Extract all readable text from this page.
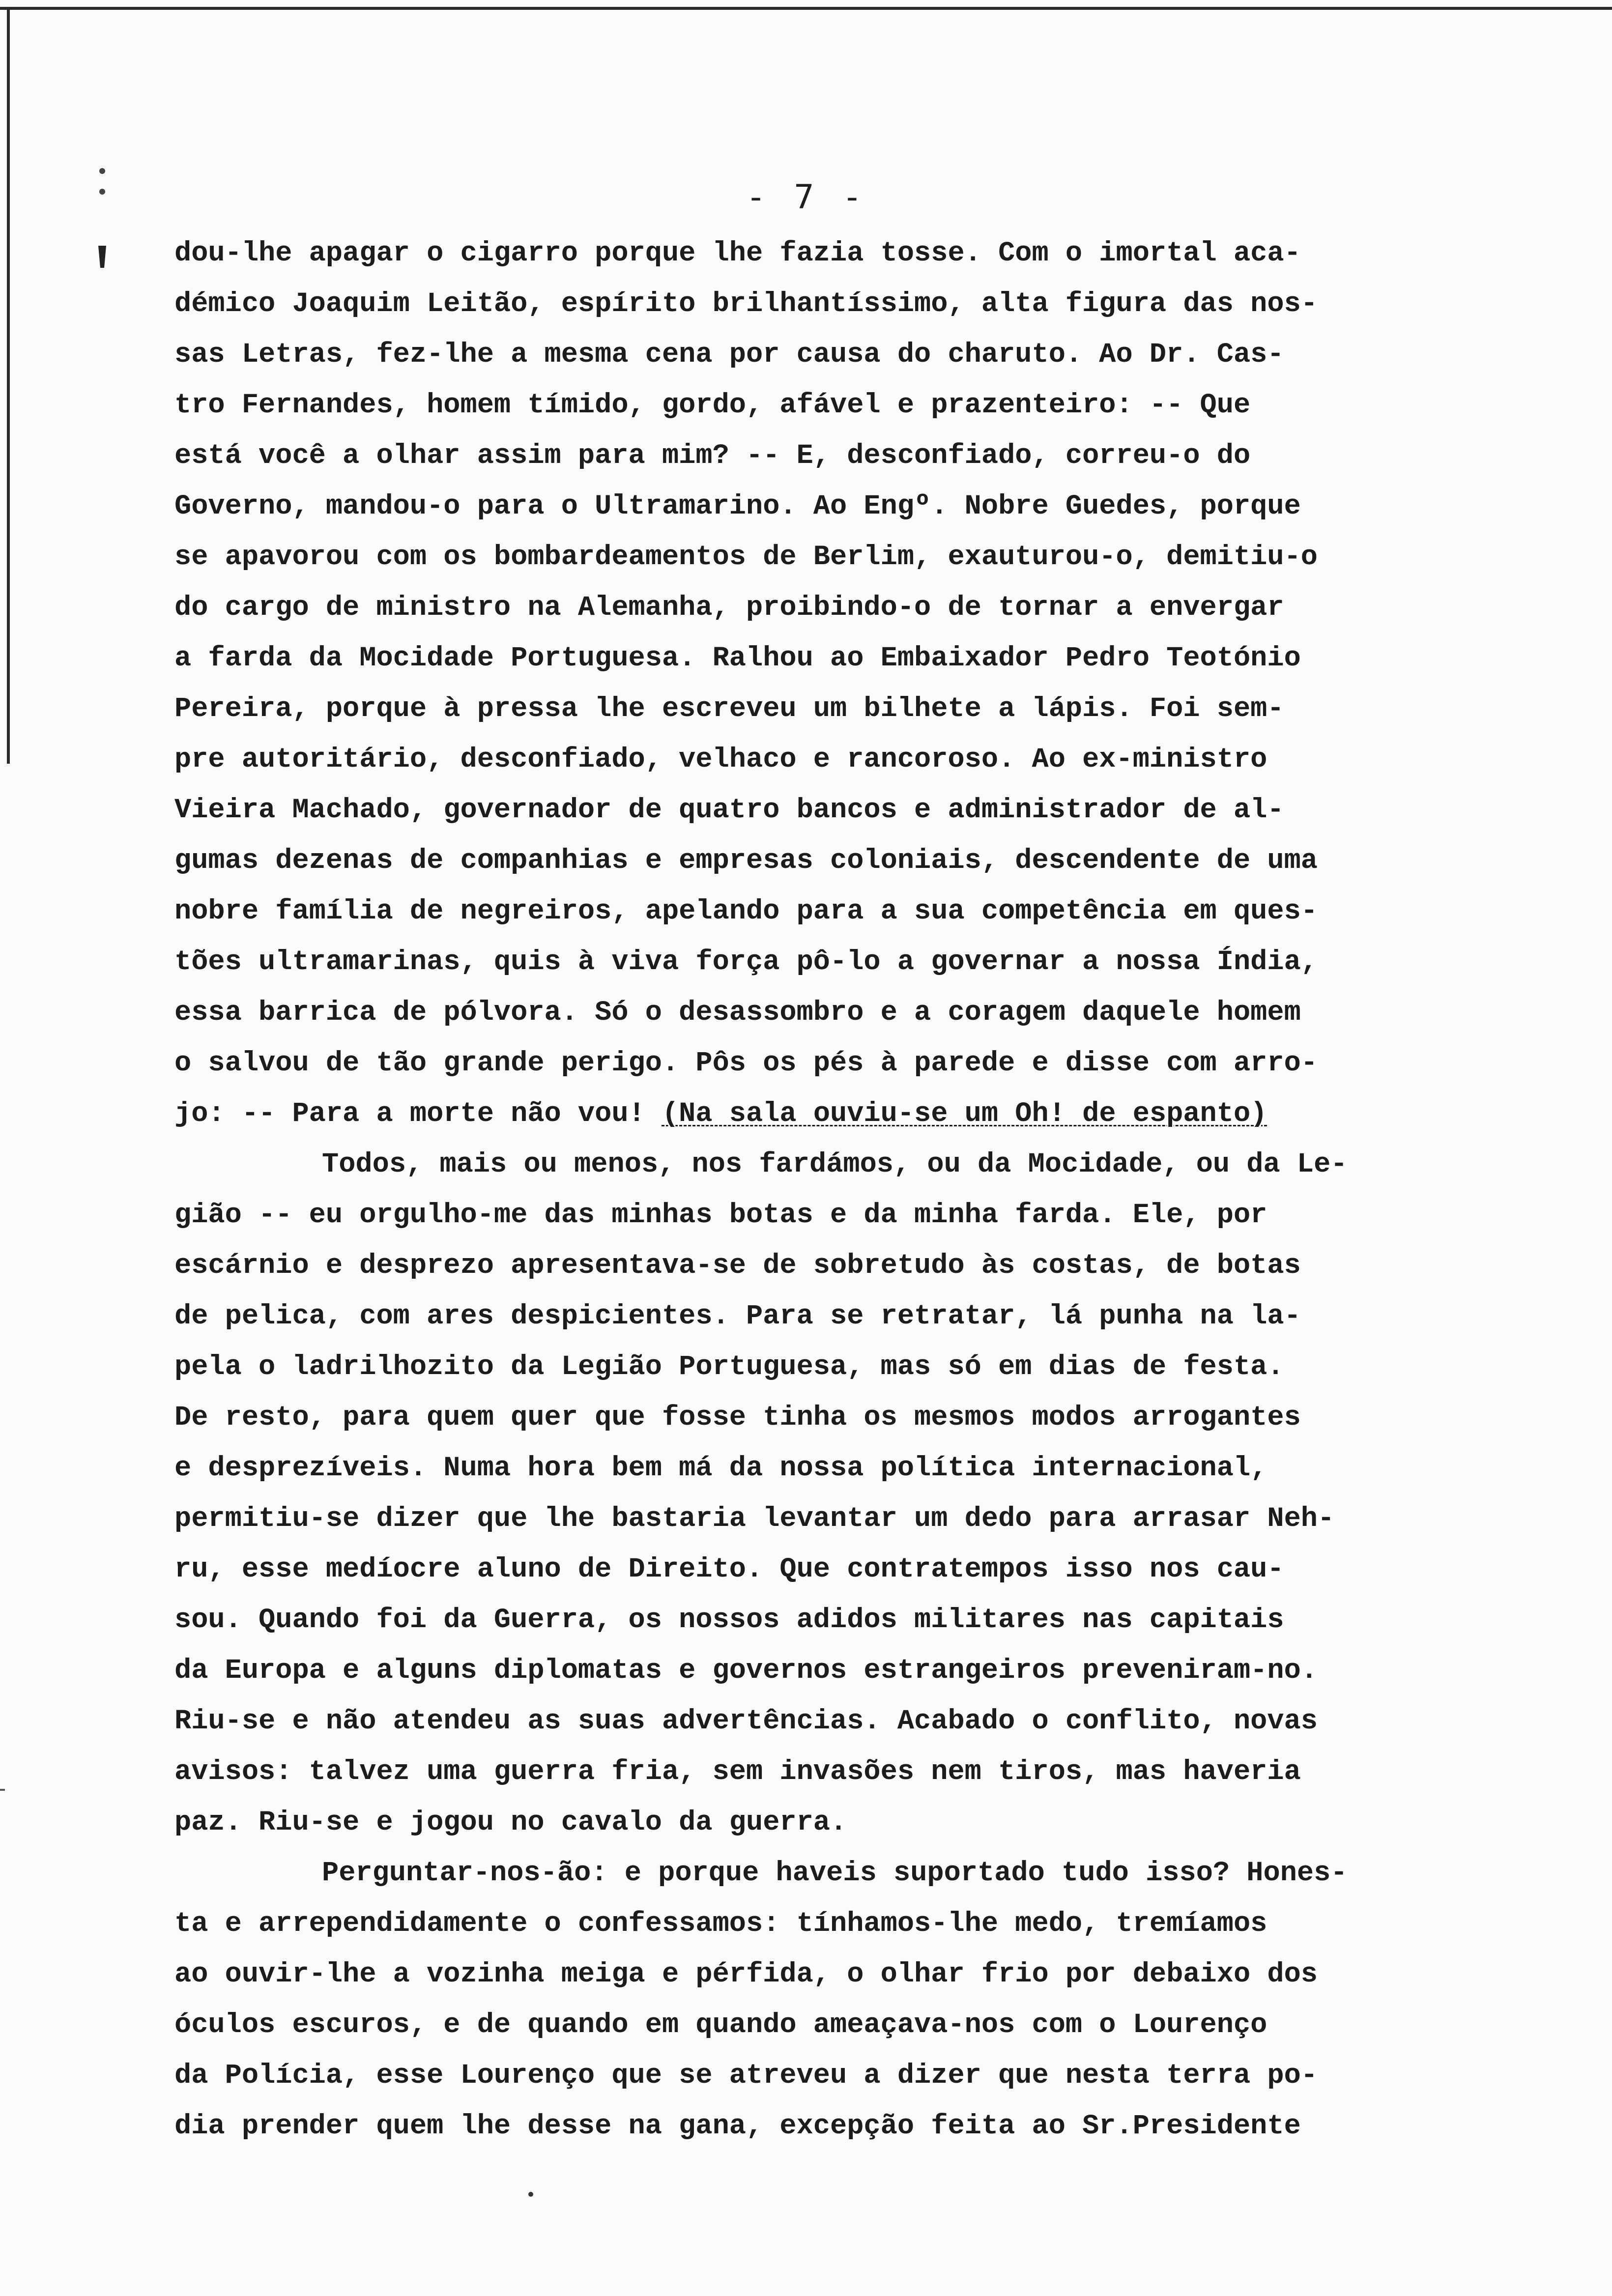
- 7 -
dou-lhe apagar o cigarro porque lhe fazia tosse. Com o imortal aca-
démico Joaquim Leitão, espírito brilhantíssimo, alta figura das nos-
sas Letras, fez-lhe a mesma cena por causa do charuto. Ao Dr. Cas-
tro Fernandes, homem tímido, gordo, afável e prazenteiro: -- Que
está você a olhar assim para mim? -- E, desconfiado, correu-o do
Governo, mandou-o para o Ultramarino. Ao Engº. Nobre Guedes, porque
se apavorou com os bombardeamentos de Berlim, exauturou-o, demitiu-o
do cargo de ministro na Alemanha, proibindo-o de tornar a envergar
a farda da Mocidade Portuguesa. Ralhou ao Embaixador Pedro Teotónio
Pereira, porque à pressa lhe escreveu um bilhete a lápis. Foi sem-
pre autoritário, desconfiado, velhaco e rancoroso. Ao ex-ministro
Vieira Machado, governador de quatro bancos e administrador de al-
gumas dezenas de companhias e empresas coloniais, descendente de uma
nobre família de negreiros, apelando para a sua competência em ques-
tões ultramarinas, quis à viva força pô-lo a governar a nossa Índia,
essa barrica de pólvora. Só o desassombro e a coragem daquele homem
o salvou de tão grande perigo. Pôs os pés à parede e disse com arro-
jo: -- Para a morte não vou! (Na sala ouviu-se um Oh! de espanto)
Todos, mais ou menos, nos fardámos, ou da Mocidade, ou da Le-
gião -- eu orgulho-me das minhas botas e da minha farda. Ele, por
escárnio e desprezo apresentava-se de sobretudo às costas, de botas
de pelica, com ares despicientes. Para se retratar, lá punha na la-
pela o ladrilhozito da Legião Portuguesa, mas só em dias de festa.
De resto, para quem quer que fosse tinha os mesmos modos arrogantes
e desprezíveis. Numa hora bem má da nossa política internacional,
permitiu-se dizer que lhe bastaria levantar um dedo para arrasar Neh-
ru, esse medíocre aluno de Direito. Que contratempos isso nos cau-
sou. Quando foi da Guerra, os nossos adidos militares nas capitais
da Europa e alguns diplomatas e governos estrangeiros preveniram-no.
Riu-se e não atendeu as suas advertências. Acabado o conflito, novas
avisos: talvez uma guerra fria, sem invasões nem tiros, mas haveria
paz. Riu-se e jogou no cavalo da guerra.
Perguntar-nos-ão: e porque haveis suportado tudo isso? Hones-
ta e arrependidamente o confessamos: tínhamos-lhe medo, tremíamos
ao ouvir-lhe a vozinha meiga e pérfida, o olhar frio por debaixo dos
óculos escuros, e de quando em quando ameaçava-nos com o Lourenço
da Polícia, esse Lourenço que se atreveu a dizer que nesta terra po-
dia prender quem lhe desse na gana, excepção feita ao Sr.Presidente
